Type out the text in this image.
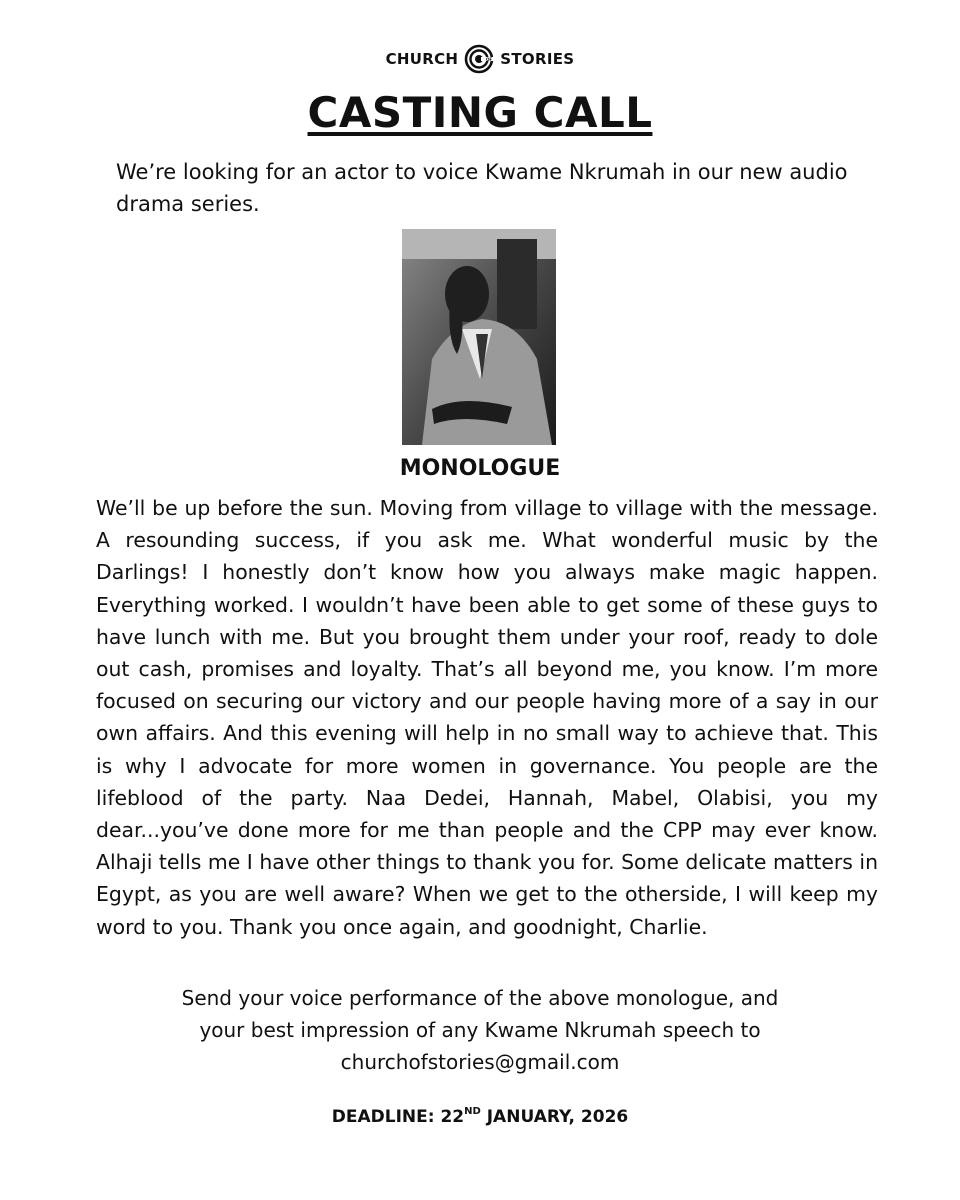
CHURCH	OF STORIES
CASTING CALL

We’re looking for an actor to voice Kwame Nkrumah in our new audio drama series.

MONOLOGUE

We’ll be up before the sun. Moving from village to village with the message. A resounding success, if you ask me. What wonderful music by the Darlings! I honestly don’t know how you always make magic happen. Everything worked. I wouldn’t have been able to get some of these guys to have lunch with me. But you brought them under your roof, ready to dole out cash, promises and loyalty. That’s all beyond me, you know. I’m more focused on securing our victory and our people having more of a say in our own affairs. And this evening will help in no small way to achieve that. This is why I advocate for more women in governance. You people are the lifeblood of the party. Naa Dedei, Hannah, Mabel, Olabisi, you my dear...you’ve done more for me than people and the CPP may ever know. Alhaji tells me I have other things to thank you for. Some delicate matters in Egypt, as you are well aware? When we get to the otherside, I will keep my word to you. Thank you once again, and goodnight, Charlie.

Send your voice performance of the above monologue, and
your best impression of any Kwame Nkrumah speech to
churchofstories@gmail.com
DEADLINE: 22ND JANUARY, 2026
